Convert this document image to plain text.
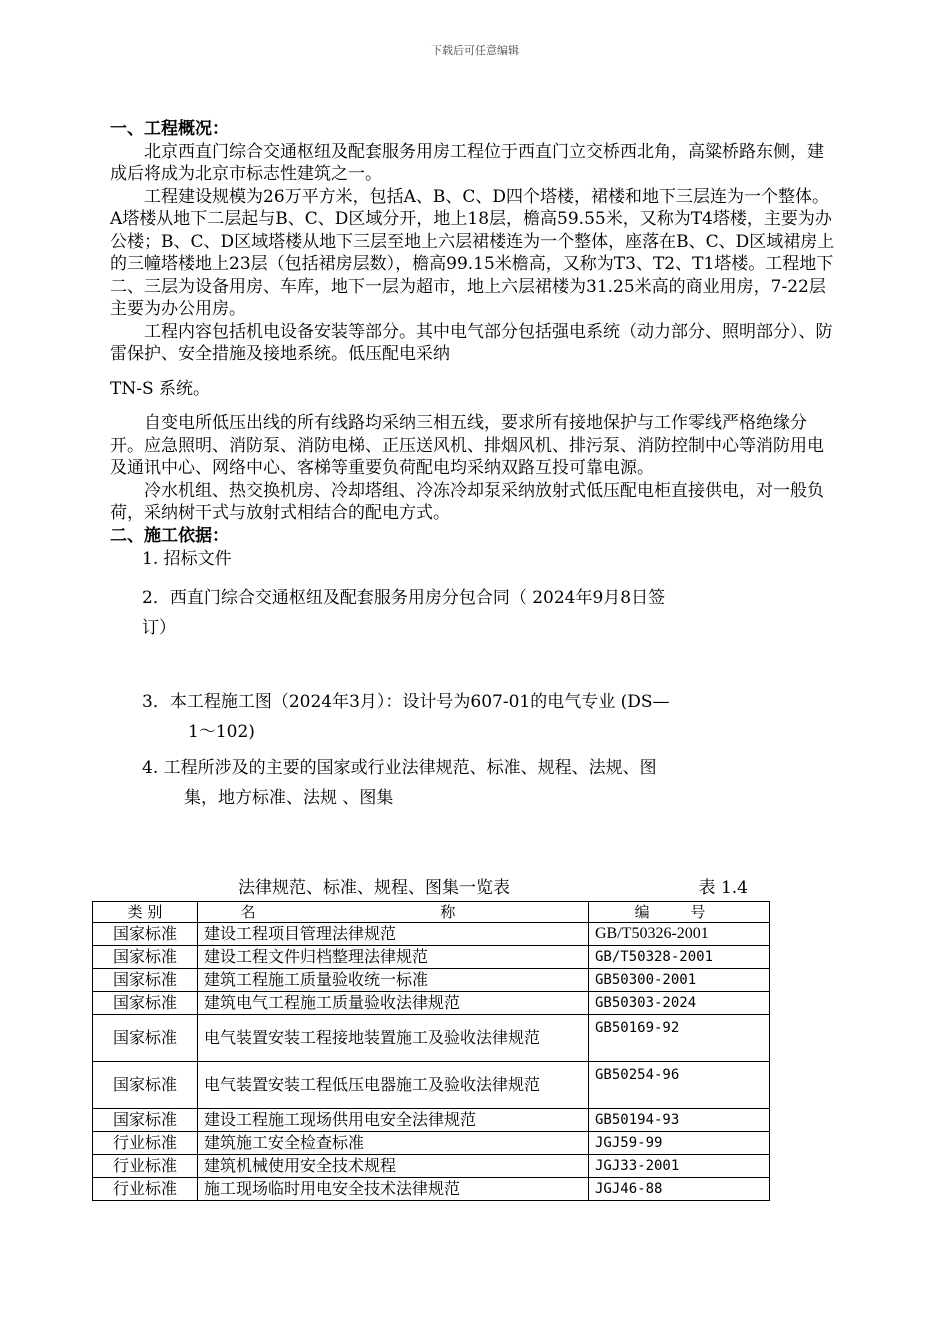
下载后可任意编辑

一、工程概况：

北京西直门综合交通枢纽及配套服务用房工程位于西直门立交桥西北角，高粱桥路东侧，建成后将成为北京市标志性建筑之一。

工程建设规模为26万平方米，包括A、B、C、D四个塔楼，裙楼和地下三层连为一个整体。A塔楼从地下二层起与B、C、D区域分开，地上18层，檐高59.55米，又称为T4塔楼，主要为办公楼；B、C、D区域塔楼从地下三层至地上六层裙楼连为一个整体，座落在B、C、D区域裙房上的三幢塔楼地上23层（包括裙房层数），檐高99.15米檐高，又称为T3、T2、T1塔楼。工程地下二、三层为设备用房、车库，地下一层为超市，地上六层裙楼为31.25米高的商业用房，7-22层主要为办公用房。

工程内容包括机电设备安装等部分。其中电气部分包括强电系统（动力部分、照明部分）、防雷保护、安全措施及接地系统。低压配电采纳

TN-S 系统。

自变电所低压出线的所有线路均采纳三相五线，要求所有接地保护与工作零线严格绝缘分开。应急照明、消防泵、消防电梯、正压送风机、排烟风机、排污泵、消防控制中心等消防用电及通讯中心、网络中心、客梯等重要负荷配电均采纳双路互投可靠电源。

冷水机组、热交换机房、冷却塔组、冷冻冷却泵采纳放射式低压配电柜直接供电，对一般负荷，采纳树干式与放射式相结合的配电方式。

二、施工依据：

1. 招标文件

2．西直门综合交通枢纽及配套服务用房分包合同（ 2024年9月8日签
订）

3．本工程施工图（2024年3月）：设计号为607-01的电气专业 (DS—

1～102)

4. 工程所涉及的主要的国家或行业法律规范、标准、规程、法规、图

集，地方标准、法规 、图集

法律规范、标准、规程、图集一览表	表 1.4
类 别	名 称	编 号
国家标准	建设工程项目管理法律规范	GB/T50326-2001
国家标准	建设工程文件归档整理法律规范	GB/T50328-2001
国家标准	建筑工程施工质量验收统一标准	GB50300-2001
国家标准	建筑电气工程施工质量验收法律规范	GB50303-2024
国家标准	电气装置安装工程接地装置施工及验收法律规范	GB50169-92
国家标准	电气装置安装工程低压电器施工及验收法律规范	GB50254-96
国家标准	建设工程施工现场供用电安全法律规范	GB50194-93
行业标准	建筑施工安全检查标准	JGJ59-99
行业标准	建筑机械使用安全技术规程	JGJ33-2001
行业标准	施工现场临时用电安全技术法律规范	JGJ46-88
